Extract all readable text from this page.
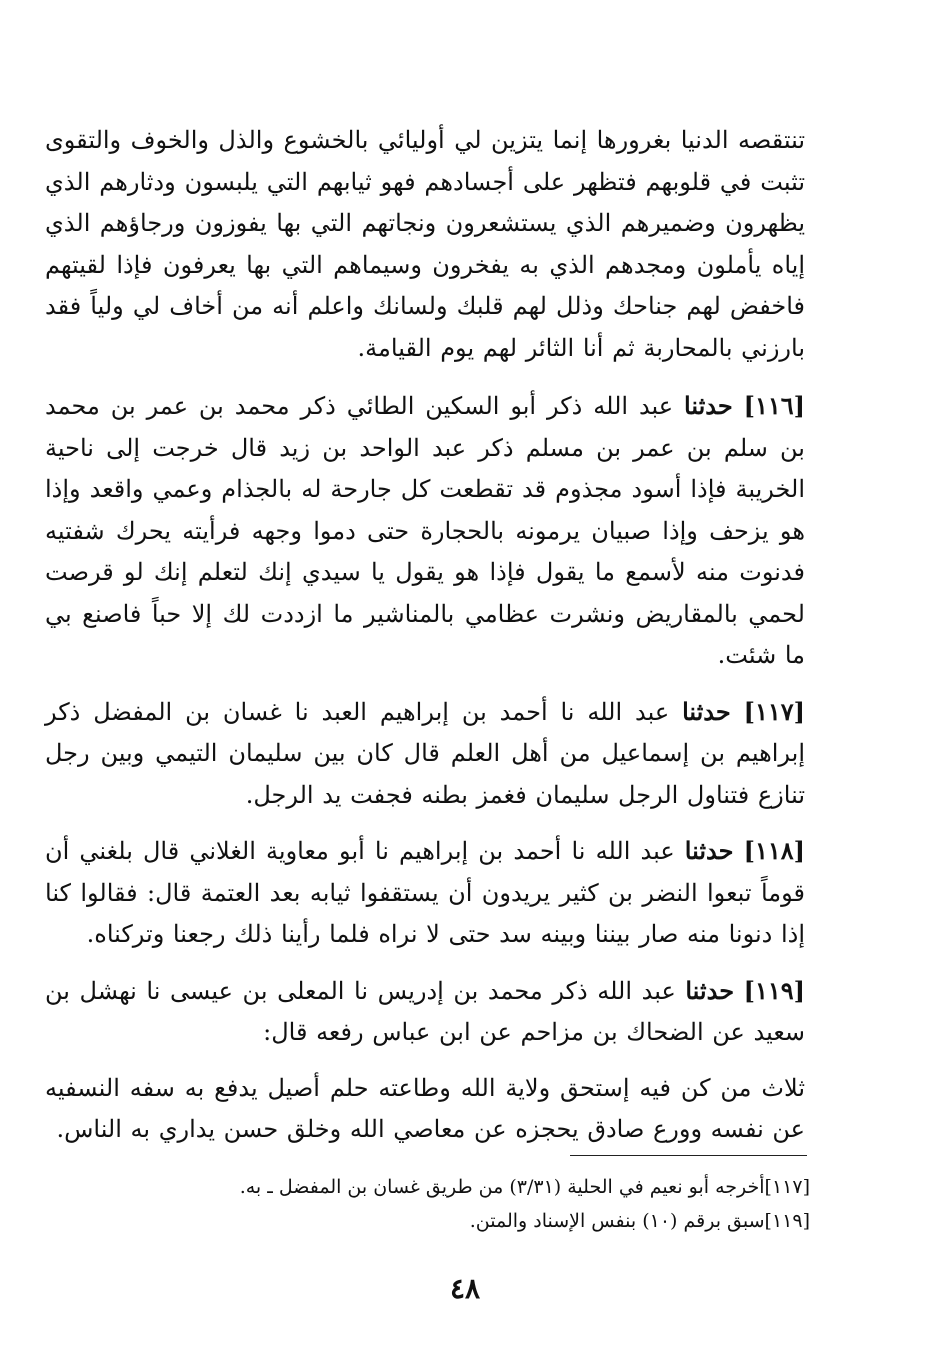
تنتقصه الدنيا بغرورها إنما يتزين لي أوليائي بالخشوع والذل والخوف والتقوى تثبت في قلوبهم فتظهر على أجسادهم فهو ثيابهم التي يلبسون ودثارهم الذي يظهرون وضميرهم الذي يستشعرون ونجاتهم التي بها يفوزون ورجاؤهم الذي إياه يأملون ومجدهم الذي به يفخرون وسيماهم التي بها يعرفون فإذا لقيتهم فاخفض لهم جناحك وذلل لهم قلبك ولسانك واعلم أنه من أخاف لي ولياً فقد بارزني بالمحاربة ثم أنا الثائر لهم يوم القيامة.

[١١٦] حدثنا عبد الله ذكر أبو السكين الطائي ذكر محمد بن عمر بن محمد بن سلم بن عمر بن مسلم ذكر عبد الواحد بن زيد قال خرجت إلى ناحية الخريبة فإذا أسود مجذوم قد تقطعت كل جارحة له بالجذام وعمي واقعد وإذا هو يزحف وإذا صبيان يرمونه بالحجارة حتى دموا وجهه فرأيته يحرك شفتيه فدنوت منه لأسمع ما يقول فإذا هو يقول يا سيدي إنك لتعلم إنك لو قرصت لحمي بالمقاريض ونشرت عظامي بالمناشير ما ازددت لك إلا حباً فاصنع بي ما شئت.

[١١٧] حدثنا عبد الله نا أحمد بن إبراهيم العبد نا غسان بن المفضل ذكر إبراهيم بن إسماعيل من أهل العلم قال كان بين سليمان التيمي وبين رجل تنازع فتناول الرجل سليمان فغمز بطنه فجفت يد الرجل.

[١١٨] حدثنا عبد الله نا أحمد بن إبراهيم نا أبو معاوية الغلاني قال بلغني أن قوماً تبعوا النضر بن كثير يريدون أن يستقفوا ثيابه بعد العتمة قال: فقالوا كنا إذا دنونا منه صار بيننا وبينه سد حتى لا نراه فلما رأينا ذلك رجعنا وتركناه.

[١١٩] حدثنا عبد الله ذكر محمد بن إدريس نا المعلى بن عيسى نا نهشل بن سعيد عن الضحاك بن مزاحم عن ابن عباس رفعه قال:

ثلاث من كن فيه إستحق ولاية الله وطاعته حلم أصيل يدفع به سفه النسفيه عن نفسه وورع صادق يحجزه عن معاصي الله وخلق حسن يداري به الناس.

[١١٧]أخرجه أبو نعيم في الحلية (٣/٣١) من طريق غسان بن المفضل ـ به.

[١١٩]سبق برقم (١٠) بنفس الإسناد والمتن.

٤٨
